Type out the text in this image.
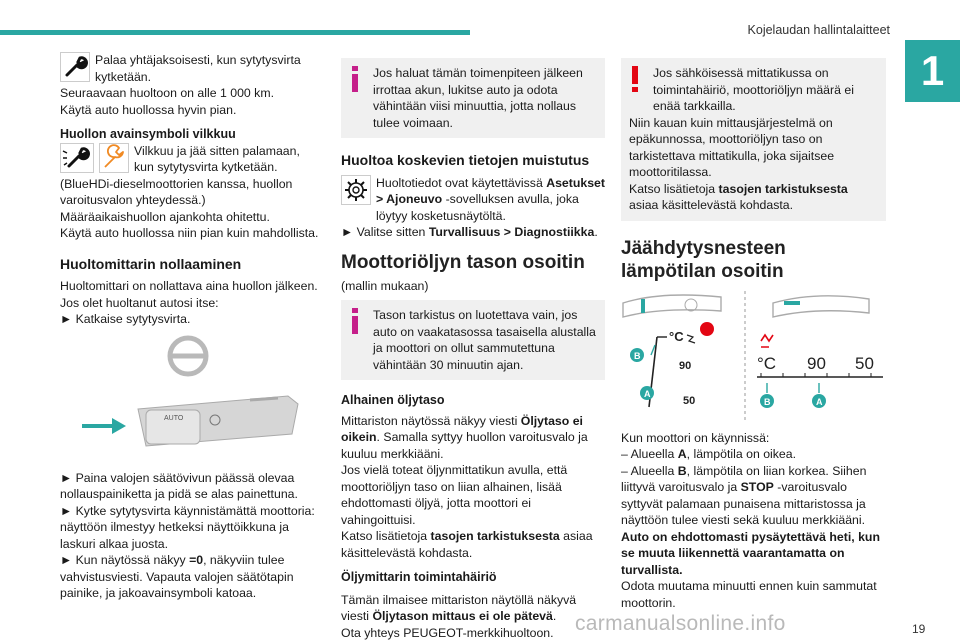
Kojelaudan hallintalaitteet
1

Palaa yhtäjaksoisesti, kun sytytysvirta kytketään.

Seuraavaan huoltoon on alle 1 000 km.

Käytä auto huollossa hyvin pian.

Huollon avainsymboli vilkkuu

Vilkkuu ja jää sitten palamaan, kun sytytysvirta kytketään.

(BlueHDi-dieselmoottorien kanssa, huollon varoitusvalon yhteydessä.)

Määräaikaishuollon ajankohta ohitettu.

Käytä auto huollossa niin pian kuin mahdollista.

Huoltomittarin nollaaminen

Huoltomittari on nollattava aina huollon jälkeen.

Jos olet huoltanut autosi itse:

► Katkaise sytytysvirta.

AUTO

► Paina valojen säätövivun päässä olevaa nollauspainiketta ja pidä se alas painettuna.

► Kytke sytytysvirta käynnistämättä moottoria: näyttöön ilmestyy hetkeksi näyttöikkuna ja laskuri alkaa juosta.

► Kun näytössä näkyy =0, näkyviin tulee vahvistusviesti. Vapauta valojen säätötapin painike, ja jakoavainsymboli katoaa.

Jos haluat tämän toimenpiteen jälkeen irrottaa akun, lukitse auto ja odota vähintään viisi minuuttia, jotta nollaus tulee voimaan.

Huoltoa koskevien tietojen muistutus

Huoltotiedot ovat käytettävissä Asetukset > Ajoneuvo -sovelluksen avulla, joka löytyy kosketusnäytöltä.

► Valitse sitten Turvallisuus > Diagnostiikka.

Moottoriöljyn tason osoitin

(mallin mukaan)

Tason tarkistus on luotettava vain, jos auto on vaakatasossa tasaisella alustalla ja moottori on ollut sammutettuna vähintään 30 minuutin ajan.

Alhainen öljytaso

Mittariston näytössä näkyy viesti Öljytaso ei oikein. Samalla syttyy huollon varoitusvalo ja kuuluu merkkiääni.

Jos vielä toteat öljynmittatikun avulla, että moottoriöljyn taso on liian alhainen, lisää ehdottomasti öljyä, jotta moottori ei vahingoittuisi.

Katso lisätietoja tasojen tarkistuksesta asiaa käsittelevästä kohdasta.

Öljymittarin toimintahäiriö

Tämän ilmaisee mittariston näytöllä näkyvä viesti Öljytason mittaus ei ole pätevä.

Ota yhteys PEUGEOT-merkkihuoltoon.

Jos sähköisessä mittatikussa on toimintahäiriö, moottoriöljyn määrä ei enää tarkkailla.

Niin kauan kuin mittausjärjestelmä on epäkunnossa, moottoriöljyn taso on tarkistettava mittatikulla, joka sijaitsee moottoritilassa.

Katso lisätietoja tasojen tarkistuksesta asiaa käsittelevästä kohdasta.

Jäähdytysnesteen lämpötilan osoitin

°C
90
50
B
A
°C 90 50
B	A

Kun moottori on käynnissä:

– Alueella A, lämpötila on oikea.

– Alueella B, lämpötila on liian korkea. Siihen liittyvä varoitusvalo ja STOP -varoitusvalo syttyvät palamaan punaisena mittaristossa ja näyttöön tulee viesti sekä kuuluu merkkiääni.

Auto on ehdottomasti pysäytettävä heti, kun se muuta liikennettä vaarantamatta on turvallista.

Odota muutama minuutti ennen kuin sammutat moottorin.

carmanualsonline.info	19
